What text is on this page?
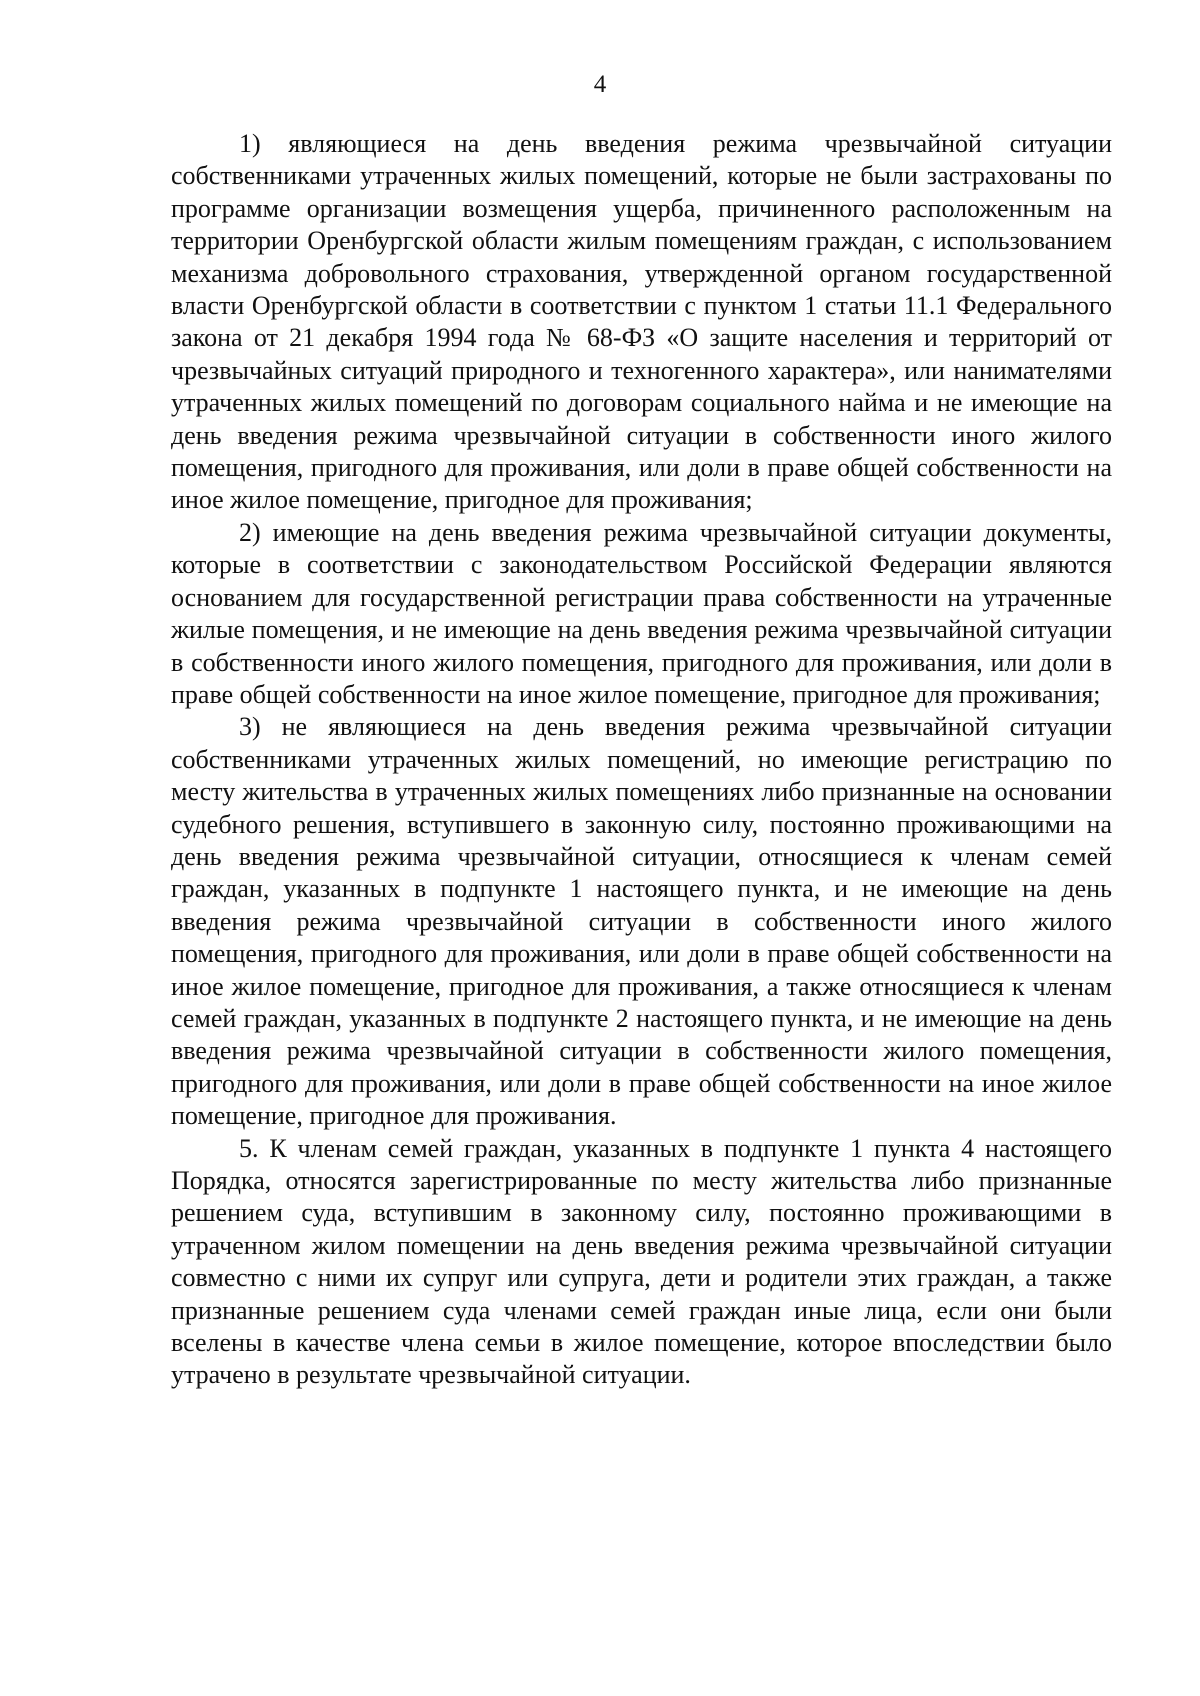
4

1) являющиеся на день введения режима чрезвычайной ситуации собственниками утраченных жилых помещений, которые не были застрахованы по программе организации возмещения ущерба, причиненного расположенным на территории Оренбургской области жилым помещениям граждан, с использованием механизма добровольного страхования, утвержденной органом государственной власти Оренбургской области в соответствии с пунктом 1 статьи 11.1 Федерального закона от 21 декабря 1994 года № 68-ФЗ «О защите населения и территорий от чрезвычайных ситуаций природного и техногенного характера», или нанимателями утраченных жилых помещений по договорам социального найма и не имеющие на день введения режима чрезвычайной ситуации в собственности иного жилого помещения, пригодного для проживания, или доли в праве общей собственности на иное жилое помещение, пригодное для проживания;

2) имеющие на день введения режима чрезвычайной ситуации документы, которые в соответствии с законодательством Российской Федерации являются основанием для государственной регистрации права собственности на утраченные жилые помещения, и не имеющие на день введения режима чрезвычайной ситуации в собственности иного жилого помещения, пригодного для проживания, или доли в праве общей собственности на иное жилое помещение, пригодное для проживания;

3) не являющиеся на день введения режима чрезвычайной ситуации собственниками утраченных жилых помещений, но имеющие регистрацию по месту жительства в утраченных жилых помещениях либо признанные на основании судебного решения, вступившего в законную силу, постоянно проживающими на день введения режима чрезвычайной ситуации, относящиеся к членам семей граждан, указанных в подпункте 1 настоящего пункта, и не имеющие на день введения режима чрезвычайной ситуации в собственности иного жилого помещения, пригодного для проживания, или доли в праве общей собственности на иное жилое помещение, пригодное для проживания, а также относящиеся к членам семей граждан, указанных в подпункте 2 настоящего пункта, и не имеющие на день введения режима чрезвычайной ситуации в собственности жилого помещения, пригодного для проживания, или доли в праве общей собственности на иное жилое помещение, пригодное для проживания.

5. К членам семей граждан, указанных в подпункте 1 пункта 4 настоящего Порядка, относятся зарегистрированные по месту жительства либо признанные решением суда, вступившим в законному силу, постоянно проживающими в утраченном жилом помещении на день введения режима чрезвычайной ситуации совместно с ними их супруг или супруга, дети и родители этих граждан, а также признанные решением суда членами семей граждан иные лица, если они были вселены в качестве члена семьи в жилое помещение, которое впоследствии было утрачено в результате чрезвычайной ситуации.
